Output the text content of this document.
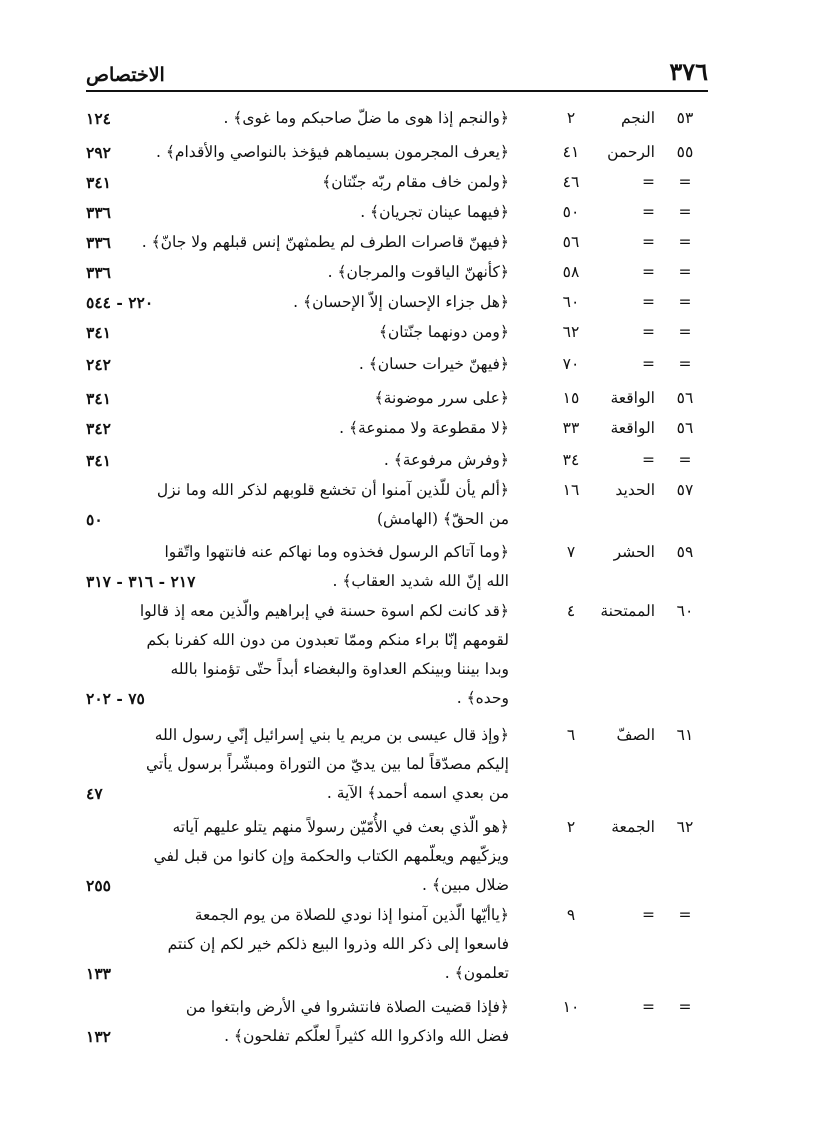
الاختصاص	٣٧٦
٥٣
النجم
٢
﴿والنجم إذا هوى ما ضلّ صاحبكم وما غوى﴾ .
١٢٤
٥٥
الرحمن
٤١
﴿يعرف المجرمون بسيماهم فيؤخذ بالنواصي والأقدام﴾ .
٢٩٢
=
=
٤٦
﴿ولمن خاف مقام ربّه جنّتان﴾
٣٤١
=
=
٥٠
﴿فيهما عينان تجريان﴾ .
٣٣٦
=
=
٥٦
﴿فيهنّ قاصرات الطرف لم يطمثهنّ إنس قبلهم ولا جانّ﴾ .
٣٣٦
=
=
٥٨
﴿كأنهنّ الياقوت والمرجان﴾ .
٣٣٦
=
=
٦٠
﴿هل جزاء الإحسان إلاّ الإحسان﴾ .
٢٢٠ - ٥٤٤
=
=
٦٢
﴿ومن دونهما جنّتان﴾
٣٤١
=
=
٧٠
﴿فيهنّ خيرات حسان﴾ .
٢٤٢
٥٦
الواقعة
١٥
﴿على سرر موضونة﴾
٣٤١
٥٦
الواقعة
٣٣
﴿لا مقطوعة ولا ممنوعة﴾ .
٣٤٢
=
=
٣٤
﴿وفرش مرفوعة﴾ .
٣٤١
٥٧
الحديد
١٦
﴿ألم يأن للّذين آمنوا أن تخشع قلوبهم لذكر الله وما نزل
من الحقّ﴾ (الهامش)
٥٠
٥٩
الحشر
٧
﴿وما آتاكم الرسول فخذوه وما نهاكم عنه فانتهوا واتّقوا
الله إنّ الله شديد العقاب﴾ .
٢١٧ - ٣١٦ - ٣١٧
٦٠
الممتحنة
٤
﴿قد كانت لكم اسوة حسنة في إبراهيم والّذين معه إذ قالوا
لقومهم إنّا براء منكم وممّا تعبدون من دون الله كفرنا بكم
وبدا بيننا وبينكم العداوة والبغضاء أبداً حتّى تؤمنوا بالله
وحده﴾ .
٧٥ - ٢٠٢
٦١
الصفّ
٦
﴿وإذ قال عيسى بن مريم يا بني إسرائيل إنّي رسول الله
إليكم مصدّقاً لما بين يديّ من التوراة ومبشّراً برسول يأتي
من بعدي اسمه أحمد﴾ الآية .
٤٧
٦٢
الجمعة
٢
﴿هو الّذي بعث في الأُمّيّن رسولاً منهم يتلو عليهم آياته
ويزكّيهم ويعلّمهم الكتاب والحكمة وإن كانوا من قبل لفي
ضلال مبين﴾ .
٢٥٥
=
=
٩
﴿ياأيّها الّذين آمنوا إذا نودي للصلاة من يوم الجمعة
فاسعوا إلى ذكر الله وذروا البيع ذلكم خير لكم إن كنتم
تعلمون﴾ .
١٣٣
=
=
١٠
﴿فإذا قضيت الصلاة فانتشروا في الأرض وابتغوا من
فضل الله واذكروا الله كثيراً لعلّكم تفلحون﴾ .
١٣٢
